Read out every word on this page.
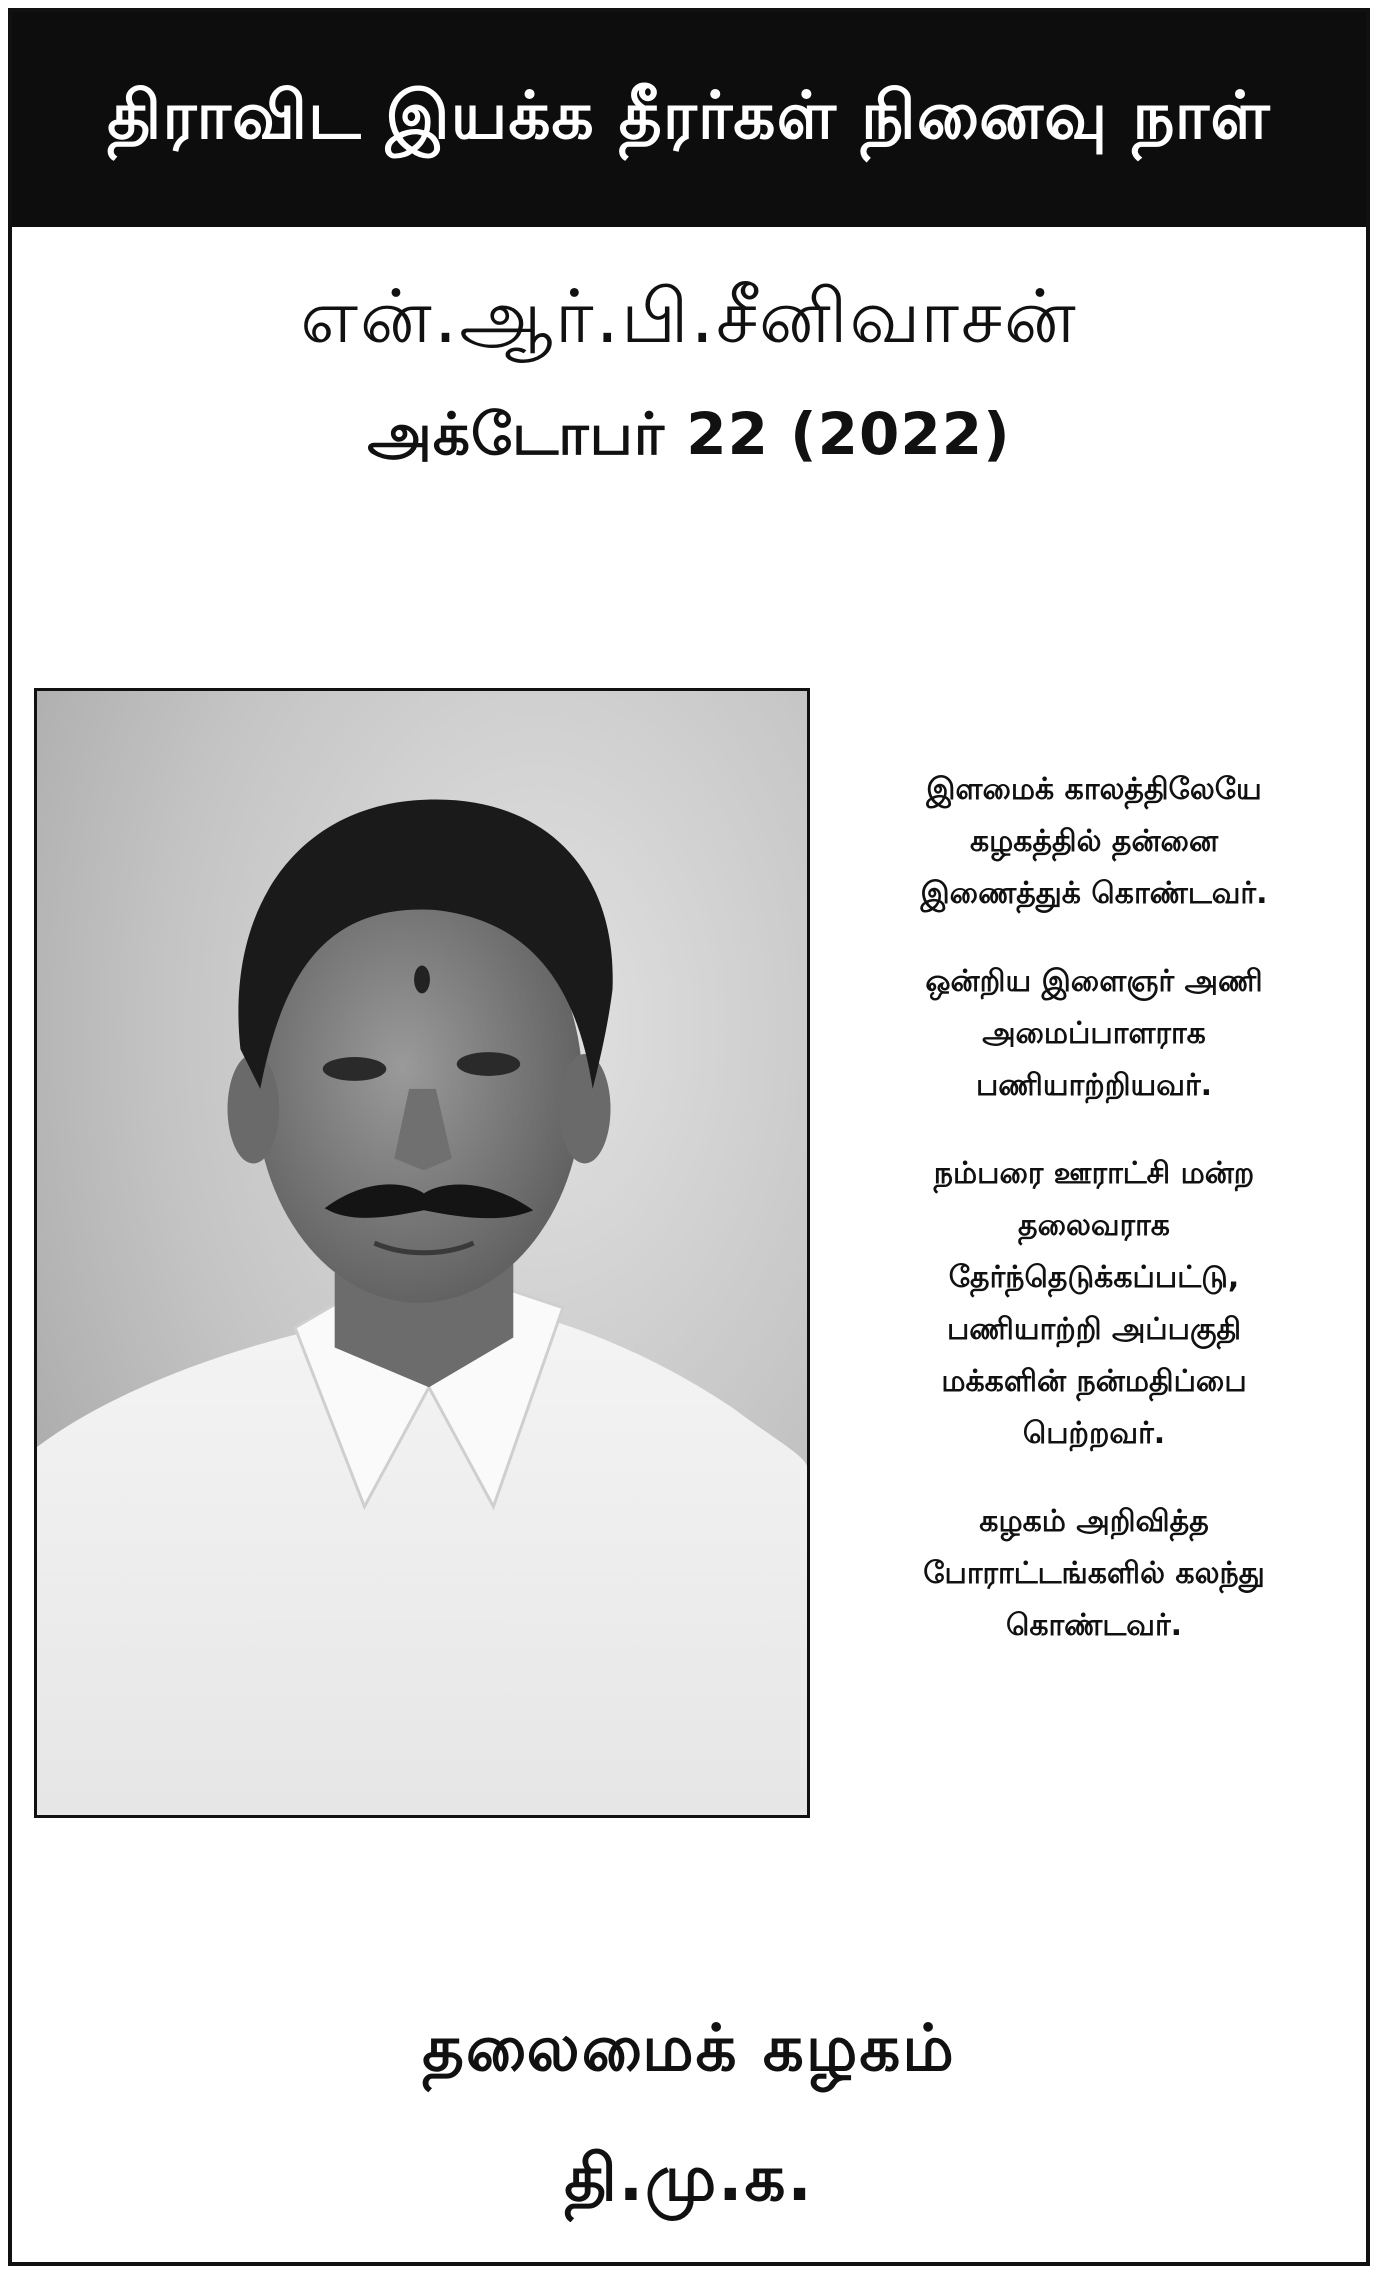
திராவிட இயக்க தீரர்கள் நினைவு நாள்
என்.ஆர்.பி.சீனிவாசன்
அக்டோபர் 22 (2022)
இளமைக் காலத்திலேயே
கழகத்தில் தன்னை
இணைத்துக் கொண்டவர்.
ஒன்றிய இளைஞர் அணி
அமைப்பாளராக
பணியாற்றியவர்.
நம்பரை ஊராட்சி மன்ற
தலைவராக
தேர்ந்தெடுக்கப்பட்டு,
பணியாற்றி அப்பகுதி
மக்களின் நன்மதிப்பை
பெற்றவர்.
கழகம் அறிவித்த
போராட்டங்களில் கலந்து
கொண்டவர்.
தலைமைக் கழகம்
தி.மு.க.
